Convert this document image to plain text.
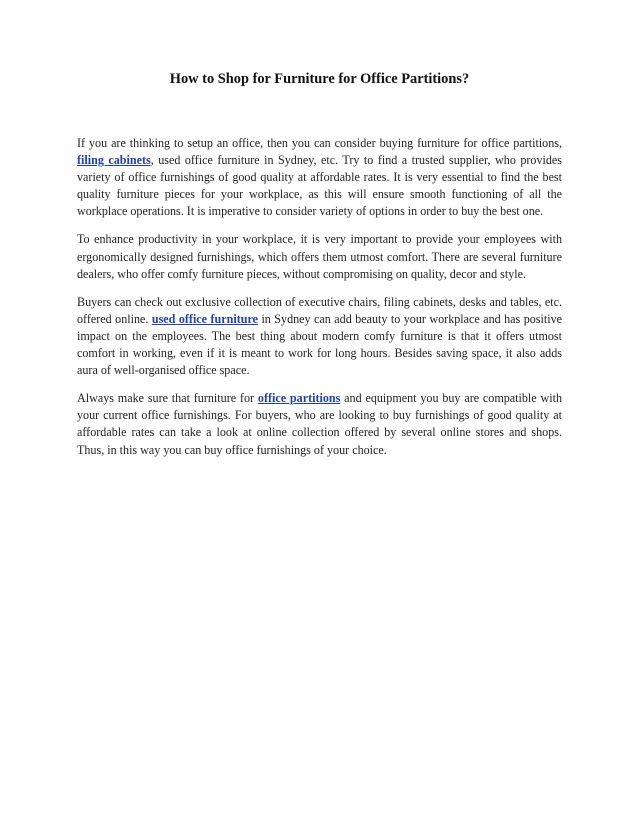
How to Shop for Furniture for Office Partitions?

If you are thinking to setup an office, then you can consider buying furniture for office partitions, filing cabinets, used office furniture in Sydney, etc. Try to find a trusted supplier, who provides variety of office furnishings of good quality at affordable rates. It is very essential to find the best quality furniture pieces for your workplace, as this will ensure smooth functioning of all the workplace operations. It is imperative to consider variety of options in order to buy the best one.

To enhance productivity in your workplace, it is very important to provide your employees with ergonomically designed furnishings, which offers them utmost comfort. There are several furniture dealers, who offer comfy furniture pieces, without compromising on quality, decor and style.

Buyers can check out exclusive collection of executive chairs, filing cabinets, desks and tables, etc. offered online. used office furniture in Sydney can add beauty to your workplace and has positive impact on the employees. The best thing about modern comfy furniture is that it offers utmost comfort in working, even if it is meant to work for long hours. Besides saving space, it also adds aura of well-organised office space.

Always make sure that furniture for office partitions and equipment you buy are compatible with your current office furnishings. For buyers, who are looking to buy furnishings of good quality at affordable rates can take a look at online collection offered by several online stores and shops. Thus, in this way you can buy office furnishings of your choice.
